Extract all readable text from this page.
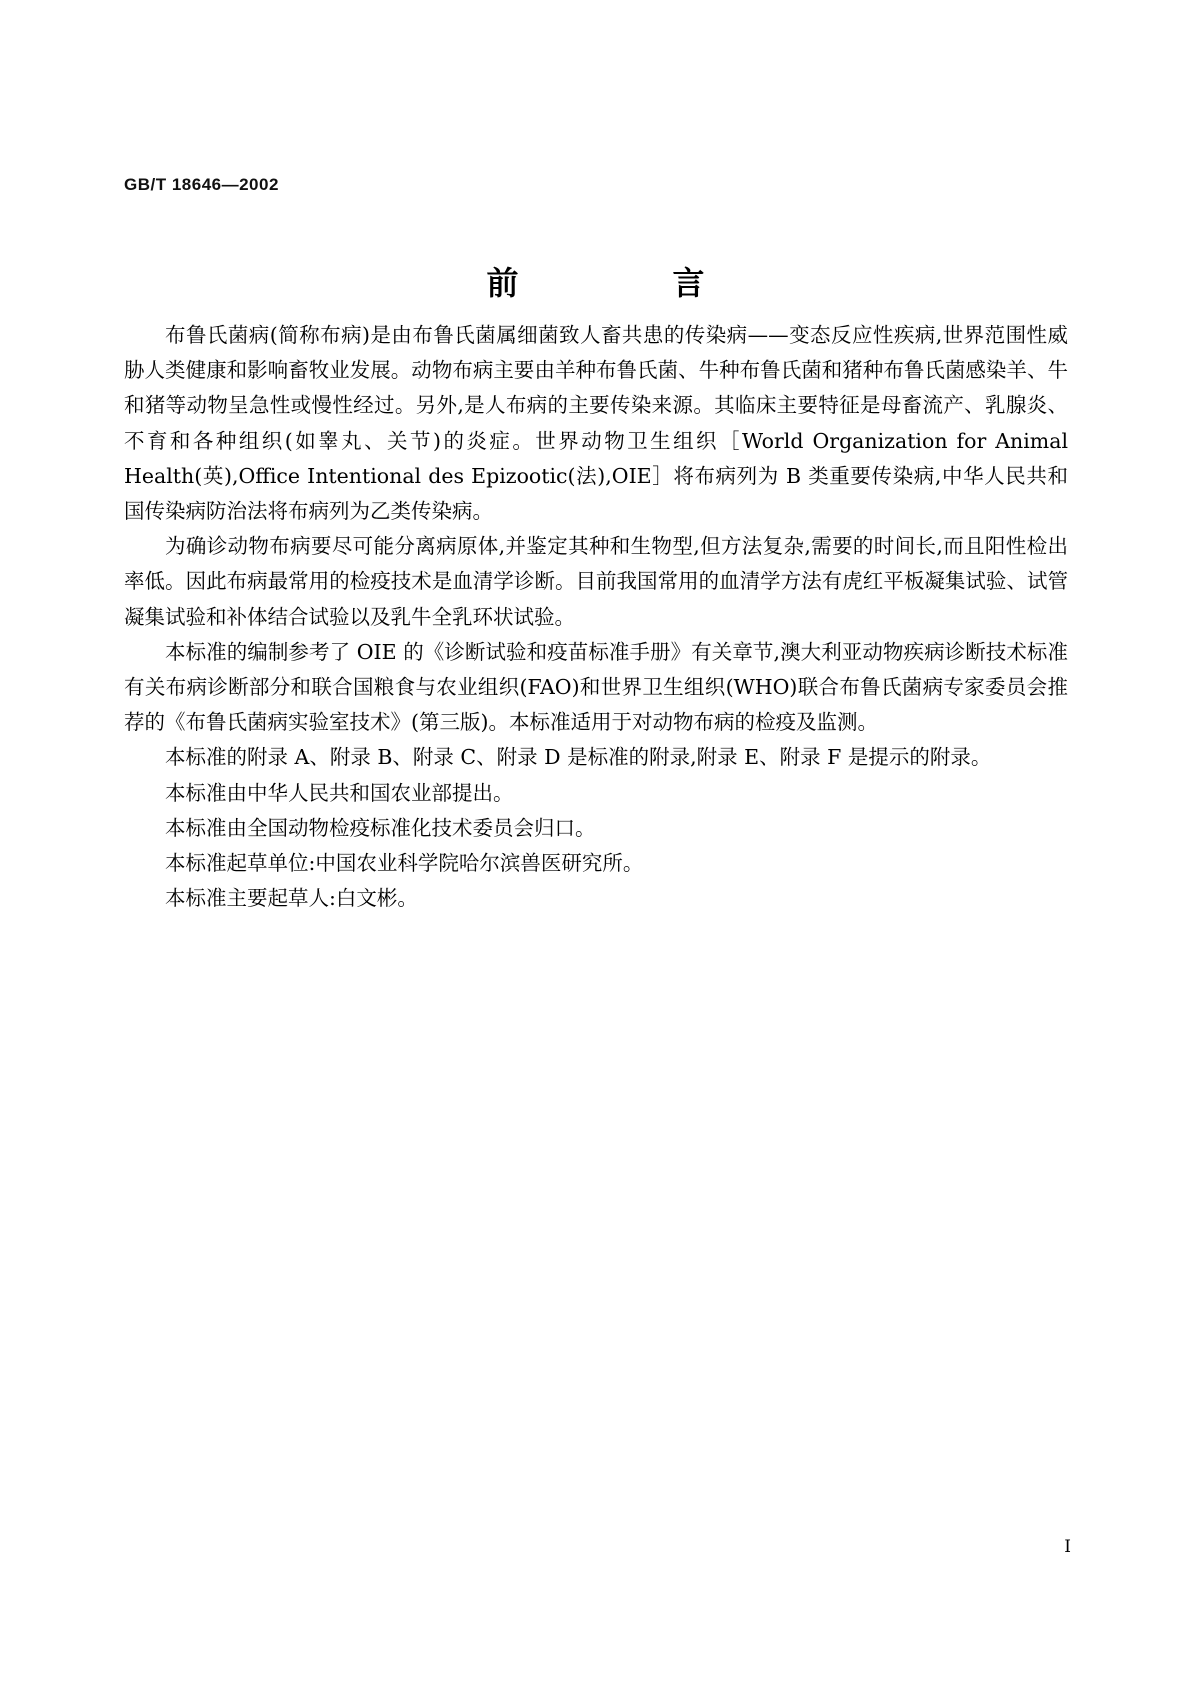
GB/T 18646—2002
前　　言

布鲁氏菌病(简称布病)是由布鲁氏菌属细菌致人畜共患的传染病——变态反应性疾病,世界范围性威胁人类健康和影响畜牧业发展。动物布病主要由羊种布鲁氏菌、牛种布鲁氏菌和猪种布鲁氏菌感染羊、牛和猪等动物呈急性或慢性经过。另外,是人布病的主要传染来源。其临床主要特征是母畜流产、乳腺炎、不育和各种组织(如睾丸、关节)的炎症。世界动物卫生组织［World Organization for Animal Health(英),Office Intentional des Epizootic(法),OIE］将布病列为 B 类重要传染病,中华人民共和国传染病防治法将布病列为乙类传染病。

为确诊动物布病要尽可能分离病原体,并鉴定其种和生物型,但方法复杂,需要的时间长,而且阳性检出率低。因此布病最常用的检疫技术是血清学诊断。目前我国常用的血清学方法有虎红平板凝集试验、试管凝集试验和补体结合试验以及乳牛全乳环状试验。

本标准的编制参考了 OIE 的《诊断试验和疫苗标准手册》有关章节,澳大利亚动物疾病诊断技术标准有关布病诊断部分和联合国粮食与农业组织(FAO)和世界卫生组织(WHO)联合布鲁氏菌病专家委员会推荐的《布鲁氏菌病实验室技术》(第三版)。本标准适用于对动物布病的检疫及监测。

本标准的附录 A、附录 B、附录 C、附录 D 是标准的附录,附录 E、附录 F 是提示的附录。

本标准由中华人民共和国农业部提出。

本标准由全国动物检疫标准化技术委员会归口。

本标准起草单位:中国农业科学院哈尔滨兽医研究所。

本标准主要起草人:白文彬。

Ⅰ
